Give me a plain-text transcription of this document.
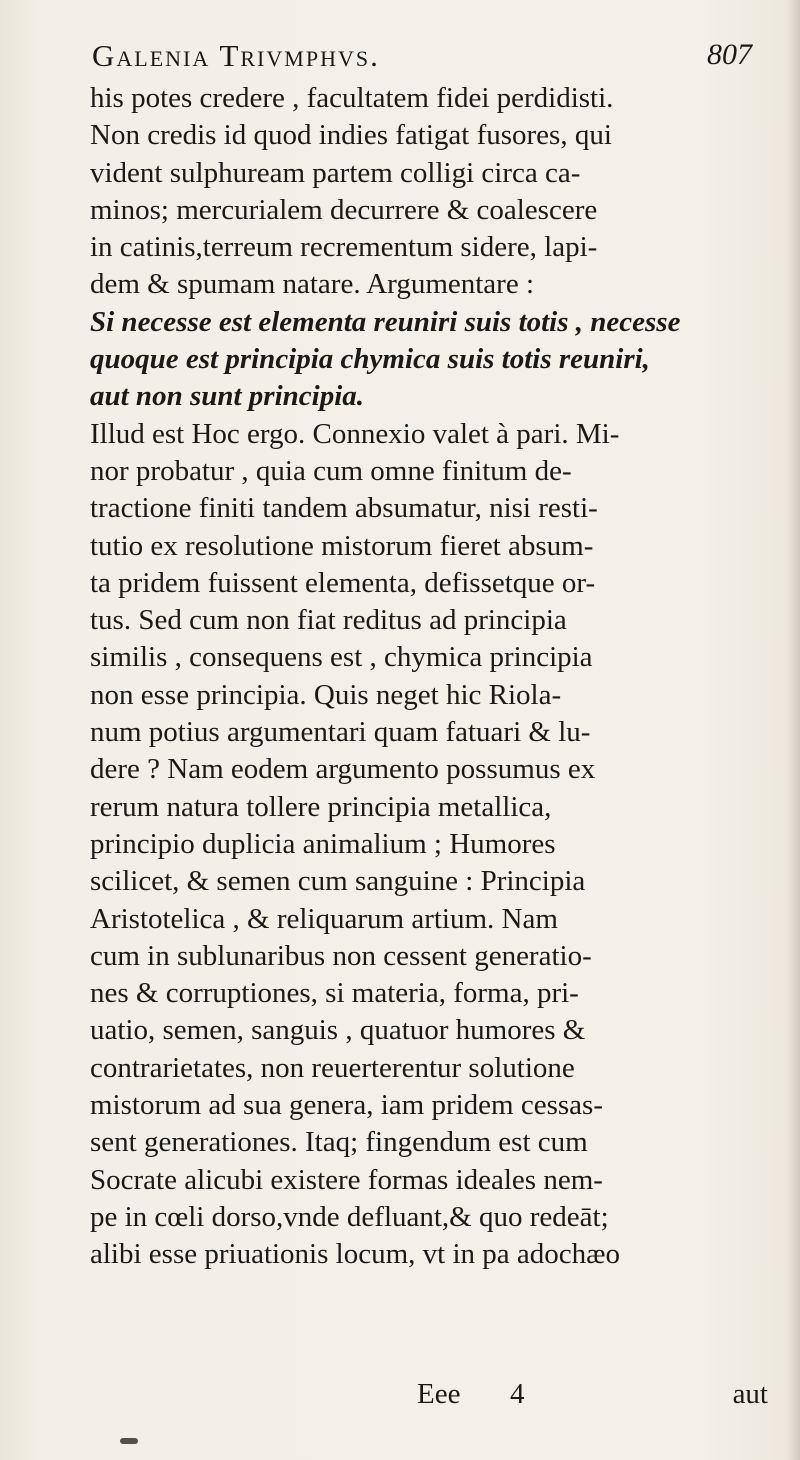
Galenia Trivmphvs.	807
his potes credere , facultatem fidei perdidisti.
Non credis id quod indies fatigat fusores, qui
vident sulphuream partem colligi circa ca-
minos; mercurialem decurrere & coalescere
in catinis,terreum recrementum sidere, lapi-
dem & spumam natare. Argumentare :
Si necesse est elementa reuniri suis totis , necesse
quoque est principia chymica suis totis reuniri,
aut non sunt principia.
Illud est Hoc ergo. Connexio valet à pari. Mi-
nor probatur , quia cum omne finitum de-
tractione finiti tandem absumatur, nisi resti-
tutio ex resolutione mistorum fieret absum-
ta pridem fuissent elementa, defissetque or-
tus. Sed cum non fiat reditus ad principia
similis , consequens est , chymica principia
non esse principia. Quis neget hic Riola-
num potius argumentari quam fatuari & lu-
dere ? Nam eodem argumento possumus ex
rerum natura tollere principia metallica,
principio duplicia animalium ; Humores
scilicet, & semen cum sanguine : Principia
Aristotelica , & reliquarum artium. Nam
cum in sublunaribus non cessent generatio-
nes & corruptiones, si materia, forma, pri-
uatio, semen, sanguis , quatuor humores &
contrarietates, non reuerterentur solutione
mistorum ad sua genera, iam pridem cessas-
sent generationes. Itaq; fingendum est cum
Socrate alicubi existere formas ideales nem-
pe in cœli dorso,vnde defluant,& quo redeāt;
alibi esse priuationis locum, vt in pa adochæo
Eee 4	aut
